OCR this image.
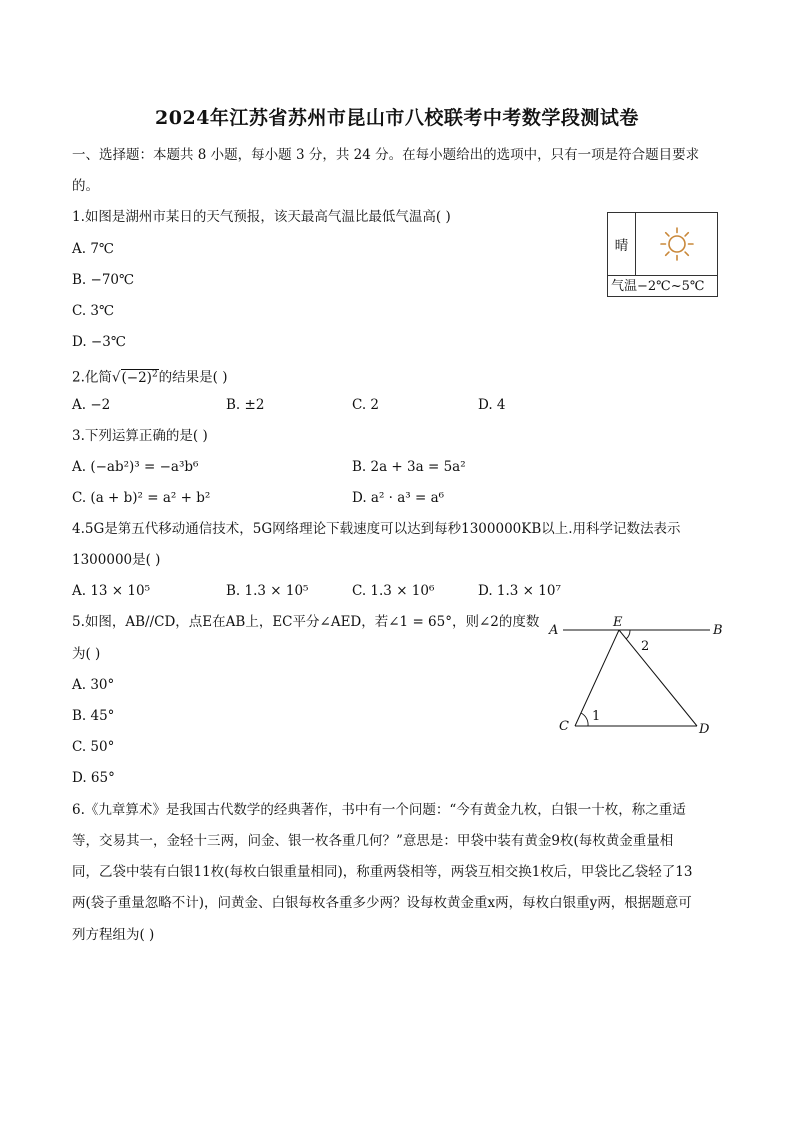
2024年江苏省苏州市昆山市八校联考中考数学段测试卷
一、选择题：本题共 8 小题，每小题 3 分，共 24 分。在每小题给出的选项中，只有一项是符合题目要求
的。
1.如图是湖州市某日的天气预报，该天最高气温比最低气温高( )
A. 7℃
B. −70℃
C. 3℃
D. −3℃
晴
气温−2℃~5℃
2.化简$√(-2)^2$的结果是( )
A. −2	B. ±2	C. 2	D. 4
3.下列运算正确的是( )
A. (−ab²)³ = −a³b⁶	B. 2a + 3a = 5a²
C. (a + b)² = a² + b²	D. a² · a³ = a⁶
4.5G是第五代移动通信技术，5G网络理论下载速度可以达到每秒1300000KB以上.用科学记数法表示
1300000是( )
A. 13 × 10⁵	B. 1.3 × 10⁵	C. 1.3 × 10⁶	D. 1.3 × 10⁷
5.如图，AB//CD，点E在AB上，EC平分∠AED，若∠1 = 65°，则∠2的度数
为( )
A. 30°
B. 45°
C. 50°
D. 65°
A	B
E
C	D
1
2
6.《九章算术》是我国古代数学的经典著作，书中有一个问题：“今有黄金九枚，白银一十枚，称之重适
等，交易其一，金轻十三两，问金、银一枚各重几何？”意思是：甲袋中装有黄金9枚(每枚黄金重量相
同，乙袋中装有白银11枚(每枚白银重量相同)，称重两袋相等，两袋互相交换1枚后，甲袋比乙袋轻了13
两(袋子重量忽略不计)，问黄金、白银每枚各重多少两？设每枚黄金重x两，每枚白银重y两，根据题意可
列方程组为( )
